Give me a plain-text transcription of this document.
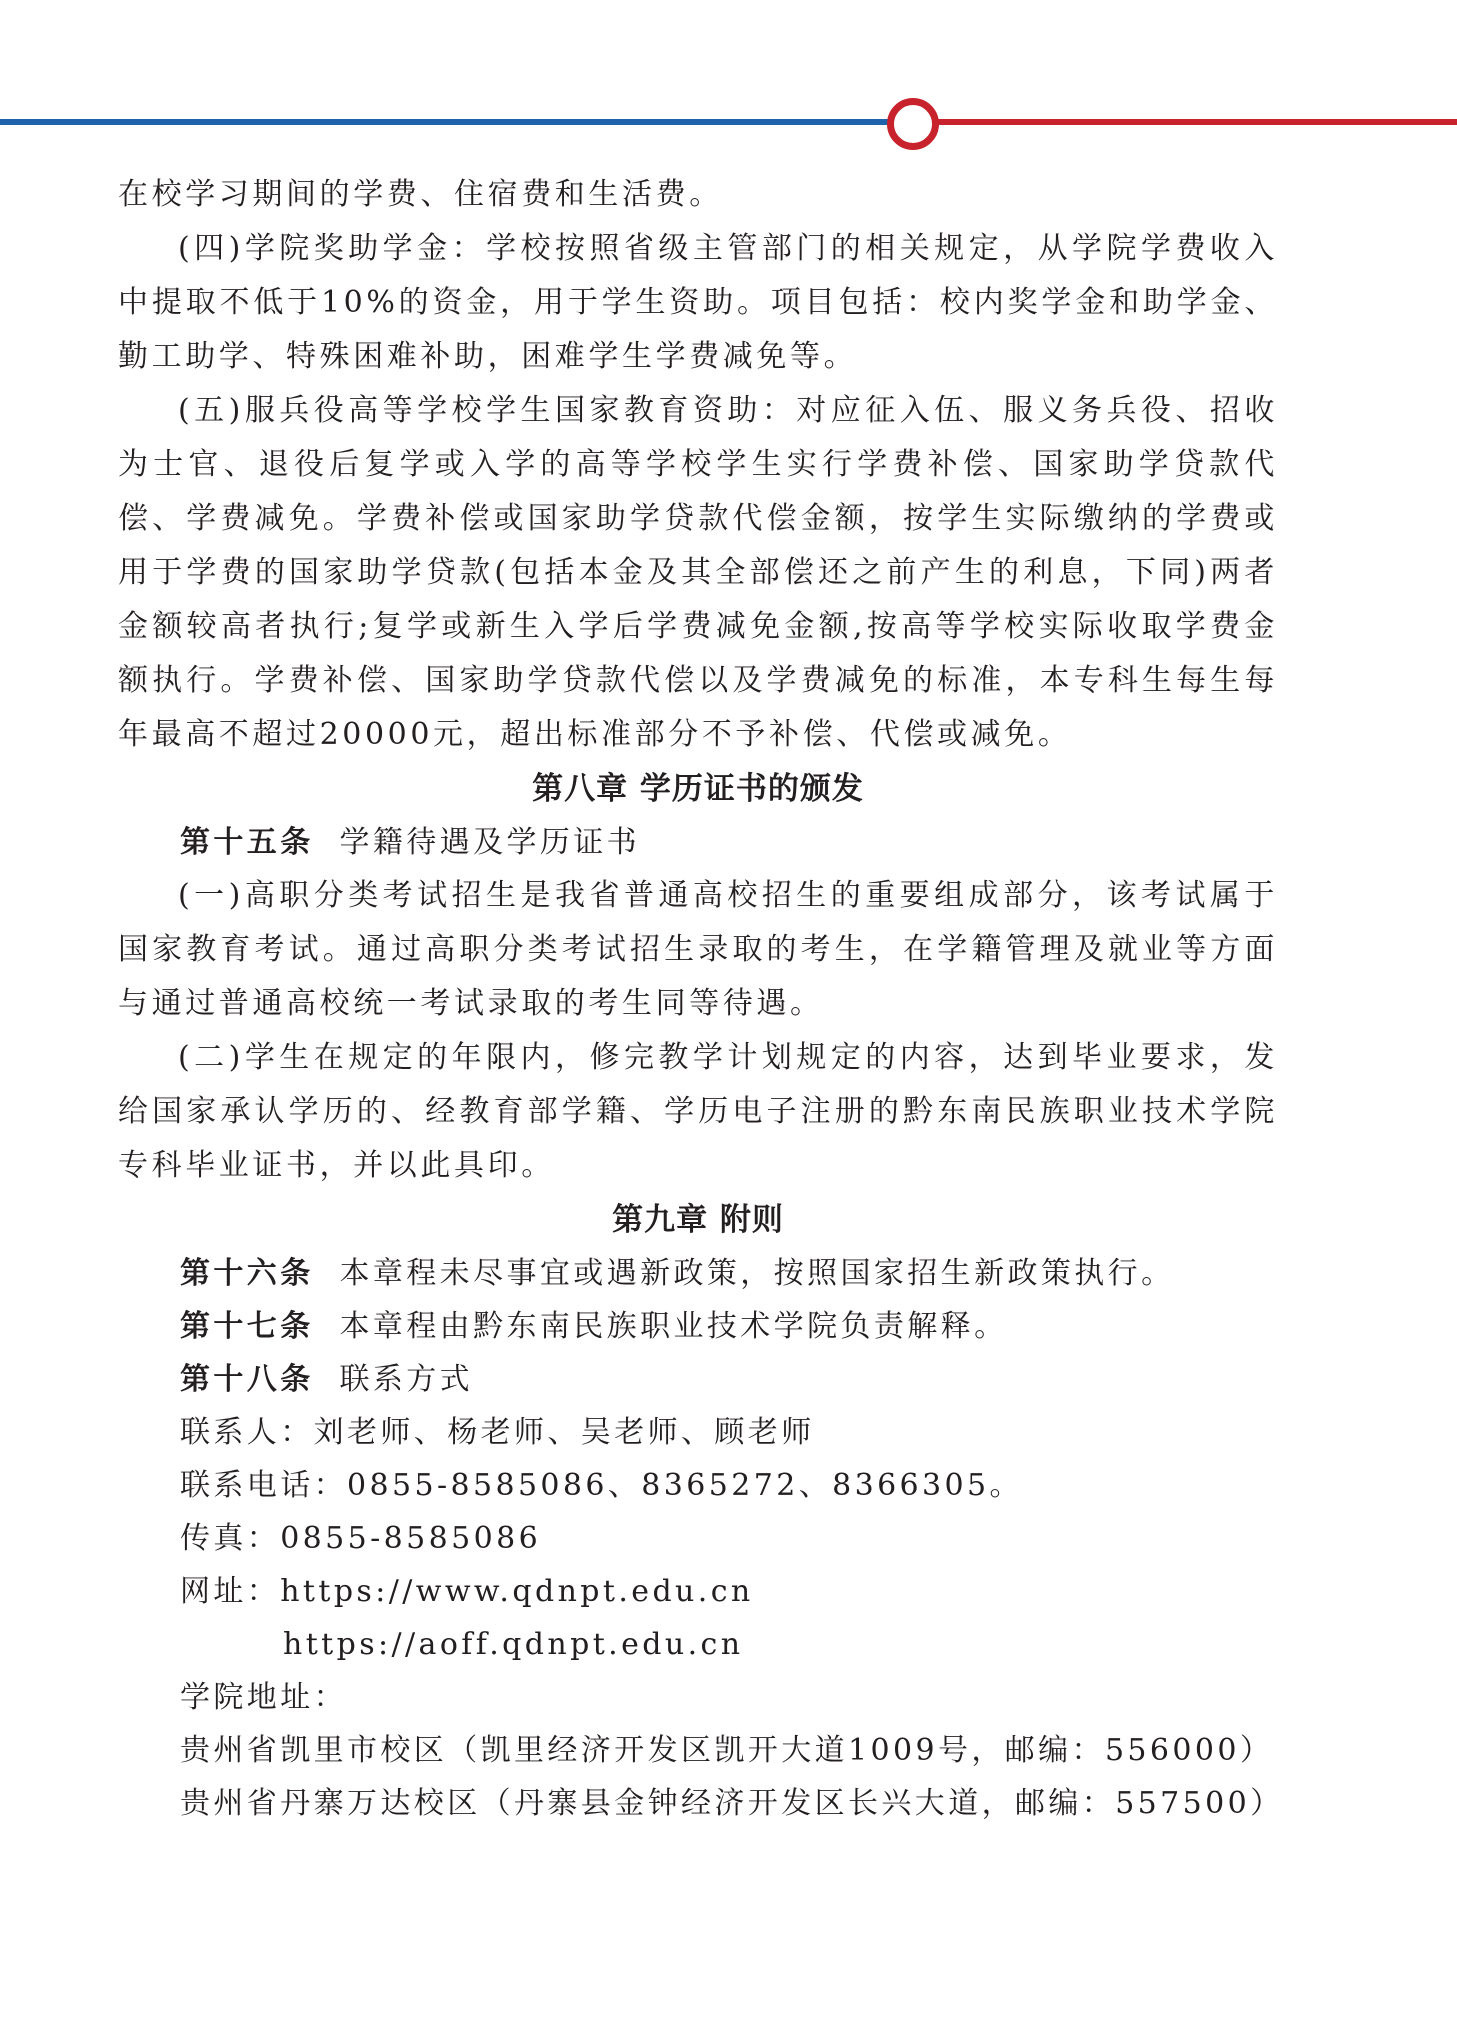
在校学习期间的学费、住宿费和生活费。

(四)学院奖助学金：学校按照省级主管部门的相关规定，从学院学费收入中提取不低于10%的资金，用于学生资助。项目包括：校内奖学金和助学金、勤工助学、特殊困难补助，困难学生学费减免等。

(五)服兵役高等学校学生国家教育资助：对应征入伍、服义务兵役、招收为士官、退役后复学或入学的高等学校学生实行学费补偿、国家助学贷款代偿、学费减免。学费补偿或国家助学贷款代偿金额，按学生实际缴纳的学费或用于学费的国家助学贷款(包括本金及其全部偿还之前产生的利息，下同)两者金额较高者执行;复学或新生入学后学费减免金额,按高等学校实际收取学费金额执行。学费补偿、国家助学贷款代偿以及学费减免的标准，本专科生每生每年最高不超过20000元，超出标准部分不予补偿、代偿或减免。

第八章 学历证书的颁发

第十五条 学籍待遇及学历证书

(一)高职分类考试招生是我省普通高校招生的重要组成部分，该考试属于国家教育考试。通过高职分类考试招生录取的考生，在学籍管理及就业等方面与通过普通高校统一考试录取的考生同等待遇。

(二)学生在规定的年限内，修完教学计划规定的内容，达到毕业要求，发给国家承认学历的、经教育部学籍、学历电子注册的黔东南民族职业技术学院专科毕业证书，并以此具印。

第九章 附则

第十六条 本章程未尽事宜或遇新政策，按照国家招生新政策执行。

第十七条 本章程由黔东南民族职业技术学院负责解释。

第十八条 联系方式

联系人：刘老师、杨老师、吴老师、顾老师

联系电话：0855-8585086、8365272、8366305。

传真：0855-8585086

网址：https://www.qdnpt.edu.cn

https://aoff.qdnpt.edu.cn

学院地址：

贵州省凯里市校区（凯里经济开发区凯开大道1009号，邮编：556000）

贵州省丹寨万达校区（丹寨县金钟经济开发区长兴大道，邮编：557500）
